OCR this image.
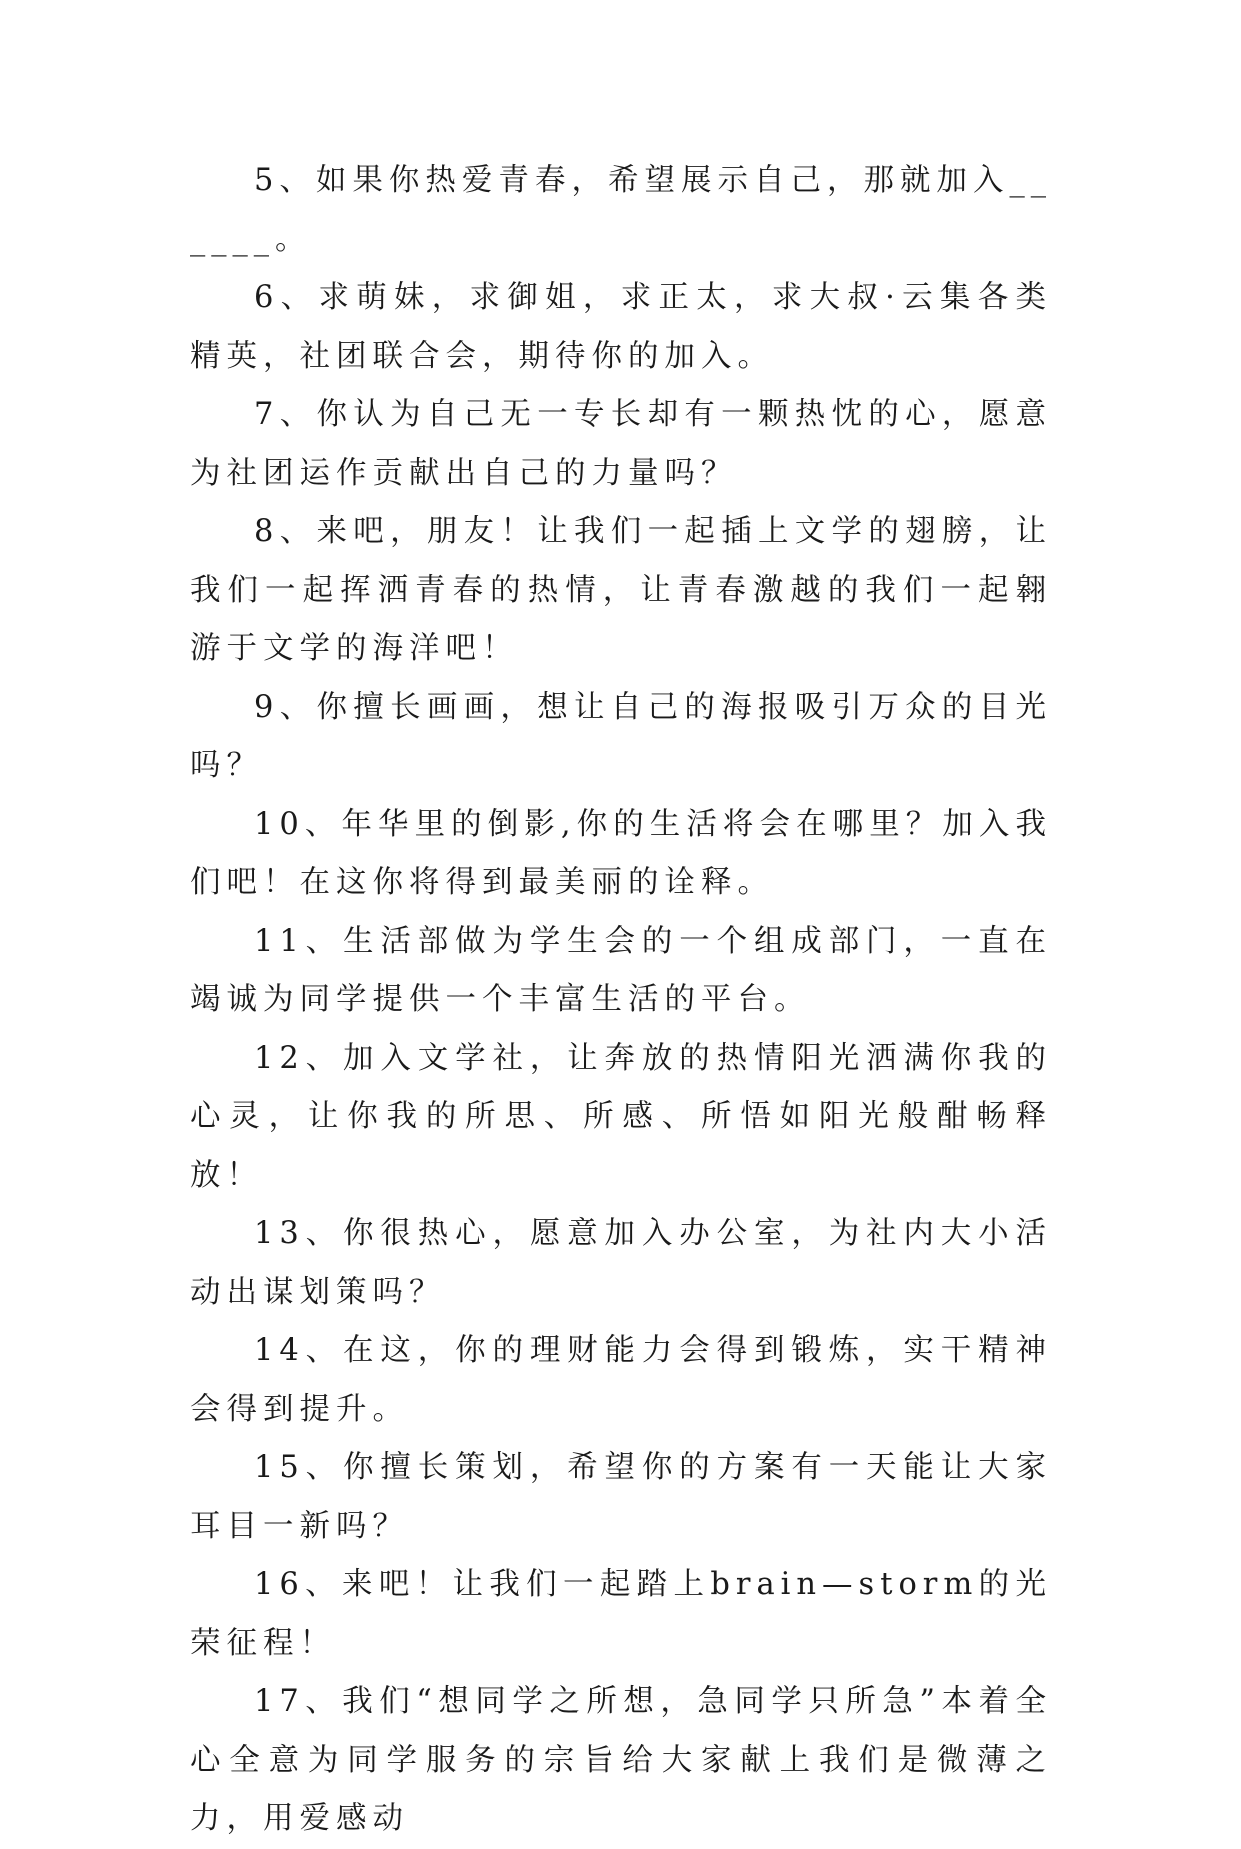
5、如果你热爱青春，希望展示自己，那就加入______。

6、求萌妹，求御姐，求正太，求大叔·云集各类精英，社团联合会，期待你的加入。

7、你认为自己无一专长却有一颗热忱的心，愿意为社团运作贡献出自己的力量吗？

8、来吧，朋友！让我们一起插上文学的翅膀，让我们一起挥洒青春的热情，让青春激越的我们一起翱游于文学的海洋吧！

9、你擅长画画，想让自己的海报吸引万众的目光吗？

10、年华里的倒影,你的生活将会在哪里？加入我们吧！在这你将得到最美丽的诠释。

11、生活部做为学生会的一个组成部门，一直在竭诚为同学提供一个丰富生活的平台。

12、加入文学社，让奔放的热情阳光洒满你我的心灵，让你我的所思、所感、所悟如阳光般酣畅释放！

13、你很热心，愿意加入办公室，为社内大小活动出谋划策吗？

14、在这，你的理财能力会得到锻炼，实干精神会得到提升。

15、你擅长策划，希望你的方案有一天能让大家耳目一新吗？

16、来吧！让我们一起踏上brain—storm的光荣征程！

17、我们“想同学之所想，急同学只所急”本着全心全意为同学服务的宗旨给大家献上我们是微薄之力，用爱感动
